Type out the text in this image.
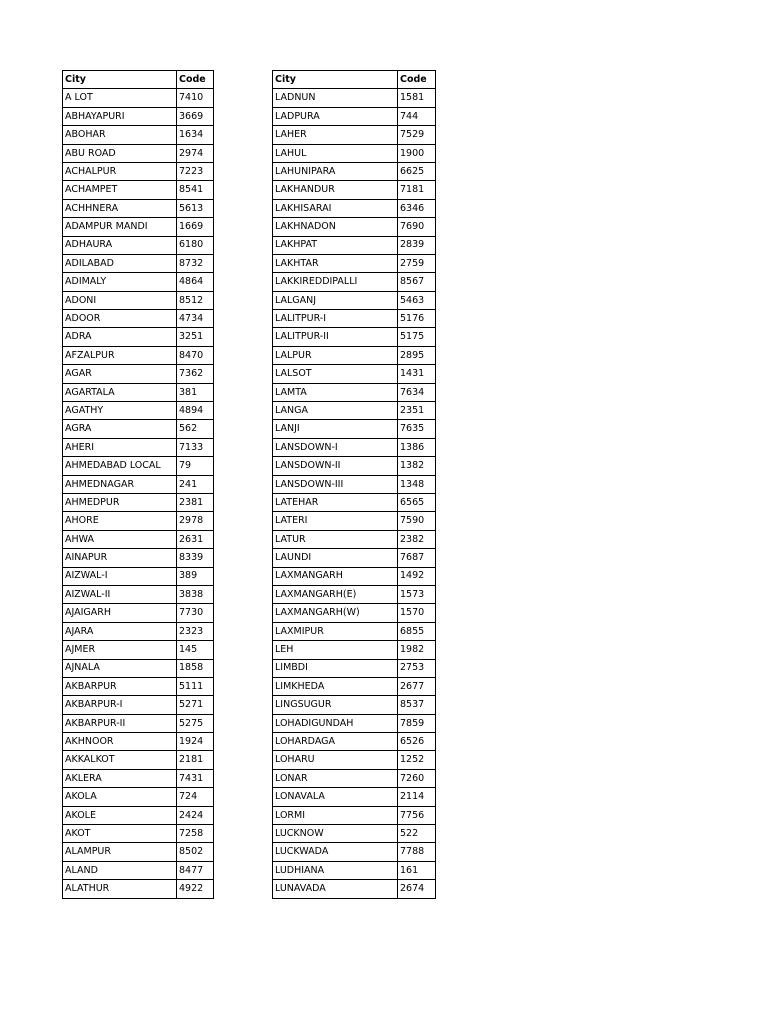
City	Code
A LOT	7410
ABHAYAPURI	3669
ABOHAR	1634
ABU ROAD	2974
ACHALPUR	7223
ACHAMPET	8541
ACHHNERA	5613
ADAMPUR MANDI	1669
ADHAURA	6180
ADILABAD	8732
ADIMALY	4864
ADONI	8512
ADOOR	4734
ADRA	3251
AFZALPUR	8470
AGAR	7362
AGARTALA	381
AGATHY	4894
AGRA	562
AHERI	7133
AHMEDABAD LOCAL	79
AHMEDNAGAR	241
AHMEDPUR	2381
AHORE	2978
AHWA	2631
AINAPUR	8339
AIZWAL-I	389
AIZWAL-II	3838
AJAIGARH	7730
AJARA	2323
AJMER	145
AJNALA	1858
AKBARPUR	5111
AKBARPUR-I	5271
AKBARPUR-II	5275
AKHNOOR	1924
AKKALKOT	2181
AKLERA	7431
AKOLA	724
AKOLE	2424
AKOT	7258
ALAMPUR	8502
ALAND	8477
ALATHUR	4922
City	Code
LADNUN	1581
LADPURA	744
LAHER	7529
LAHUL	1900
LAHUNIPARA	6625
LAKHANDUR	7181
LAKHISARAI	6346
LAKHNADON	7690
LAKHPAT	2839
LAKHTAR	2759
LAKKIREDDIPALLI	8567
LALGANJ	5463
LALITPUR-I	5176
LALITPUR-II	5175
LALPUR	2895
LALSOT	1431
LAMTA	7634
LANGA	2351
LANJI	7635
LANSDOWN-I	1386
LANSDOWN-II	1382
LANSDOWN-III	1348
LATEHAR	6565
LATERI	7590
LATUR	2382
LAUNDI	7687
LAXMANGARH	1492
LAXMANGARH(E)	1573
LAXMANGARH(W)	1570
LAXMIPUR	6855
LEH	1982
LIMBDI	2753
LIMKHEDA	2677
LINGSUGUR	8537
LOHADIGUNDAH	7859
LOHARDAGA	6526
LOHARU	1252
LONAR	7260
LONAVALA	2114
LORMI	7756
LUCKNOW	522
LUCKWADA	7788
LUDHIANA	161
LUNAVADA	2674
